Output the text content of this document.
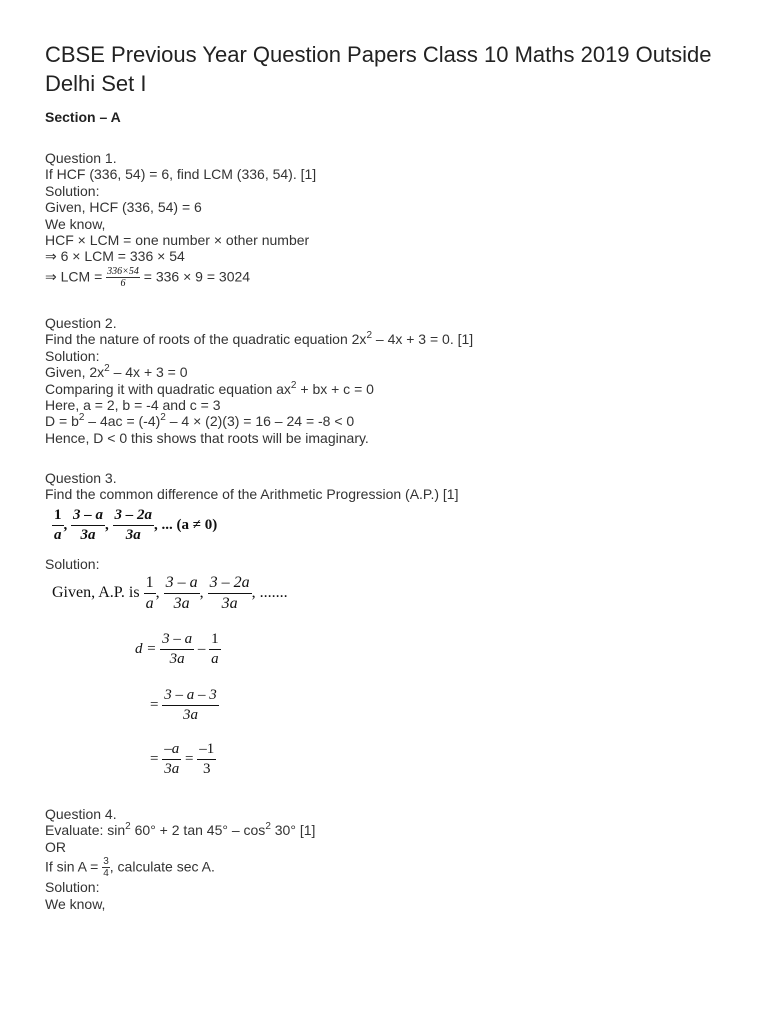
CBSE Previous Year Question Papers Class 10 Maths 2019 Outside Delhi Set I
Section – A
Question 1.
If HCF (336, 54) = 6, find LCM (336, 54). [1]
Solution:
Given, HCF (336, 54) = 6
We know,
HCF × LCM = one number × other number
⇒ 6 × LCM = 336 × 54
⇒ LCM = $\frac{336\times 54}{6} = 336 \times 9 = 3024$
Question 2.
Find the nature of roots of the quadratic equation $2x^2 - 4x + 3 = 0$. [1]
Solution:
Given, $2x^2 - 4x + 3 = 0$
Comparing it with quadratic equation $ax^2$ + bx + c = 0
Here, a = 2, b = -4 and c = 3
$D = b^2 - 4ac = (-4)^2 - 4 \times (2)(3) = 16 - 24 = -8 < 0$
Hence, D < 0 this shows that roots will be imaginary.
Question 3.
Find the common difference of the Arithmetic Progression (A.P.) [1]
$\frac{1}{a}$ , $\frac{3 - a}{3a}$ , $\frac{3 - 2a}{3a}$ , ... (a ≠ 0)
Solution:
Given, A.P. is $\frac{1}{a}$ , $\frac{3 - a}{3a}$ , $\frac{3 - 2a}{3a}$ , .......
$d = \frac{3 - a}{3a} - \frac{1}{a}$
= $\frac{3 - a - 3}{3a}$
= $\frac{-a}{3a} = \frac{-1}{3}$
Question 4.
Evaluate: $\sin^2 60^\circ + 2$ $\tan 45^\circ - \cos^2 30^\circ$ [1]
OR
If $\sin A = \frac{3}{4}$ , calculate sec A.
Solution:
We know,
